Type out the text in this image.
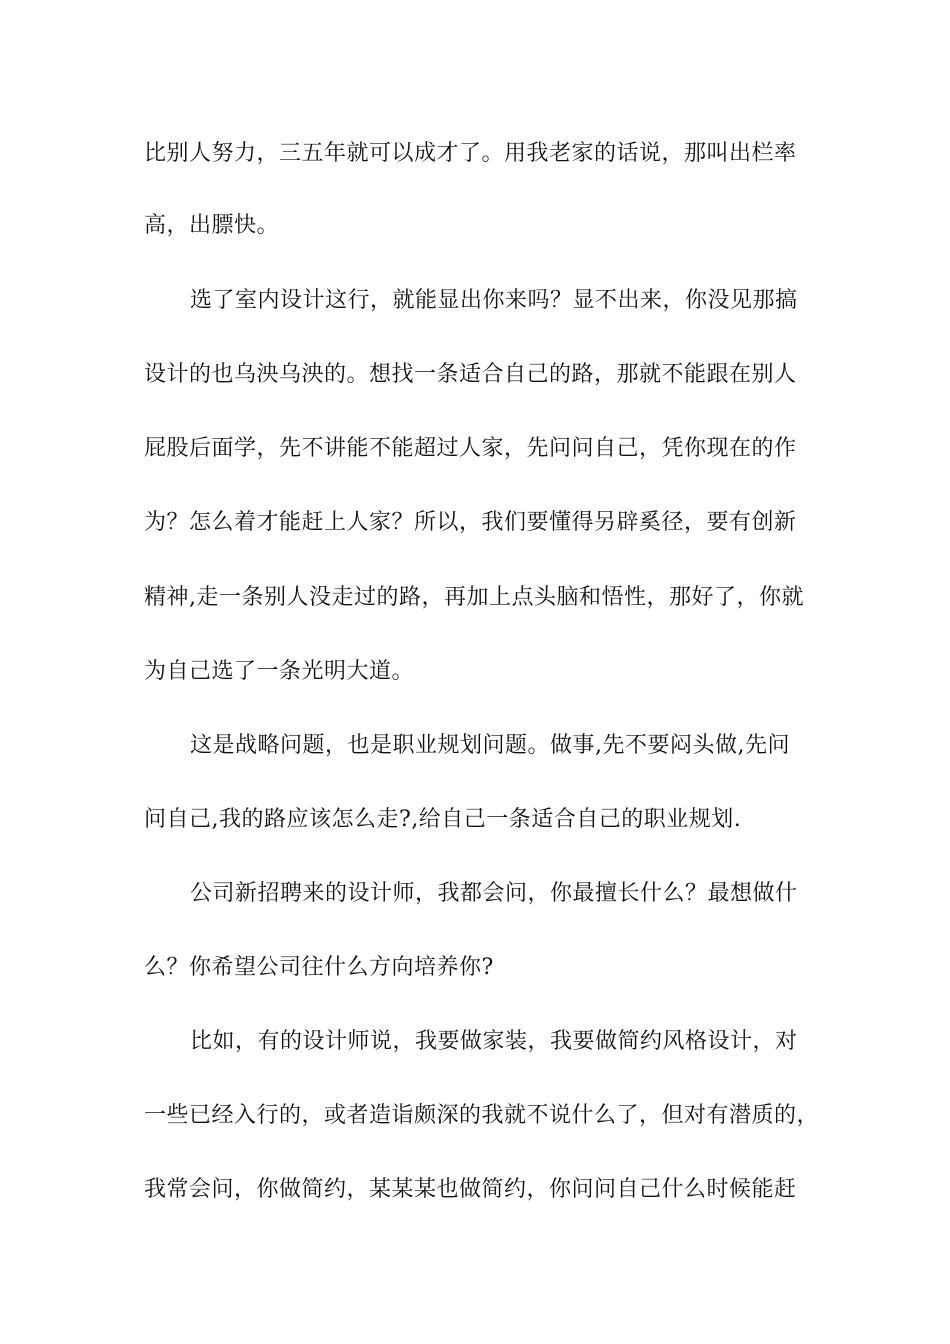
比别人努力，三五年就可以成才了。用我老家的话说，那叫出栏率
高，出膘快。
选了室内设计这行，就能显出你来吗？显不出来，你没见那搞
设计的也乌泱乌泱的。想找一条适合自己的路，那就不能跟在别人
屁股后面学，先不讲能不能超过人家，先问问自己，凭你现在的作
为？怎么着才能赶上人家？所以，我们要懂得另辟奚径，要有创新
精神,走一条别人没走过的路，再加上点头脑和悟性，那好了，你就
为自己选了一条光明大道。
这是战略问题，也是职业规划问题。做事,先不要闷头做,先问
问自己,我的路应该怎么走?,给自己一条适合自己的职业规划.
公司新招聘来的设计师，我都会问，你最擅长什么？最想做什
么？你希望公司往什么方向培养你?
比如，有的设计师说，我要做家装，我要做简约风格设计，对
一些已经入行的，或者造诣颇深的我就不说什么了，但对有潜质的，
我常会问，你做简约，某某某也做简约，你问问自己什么时候能赶
